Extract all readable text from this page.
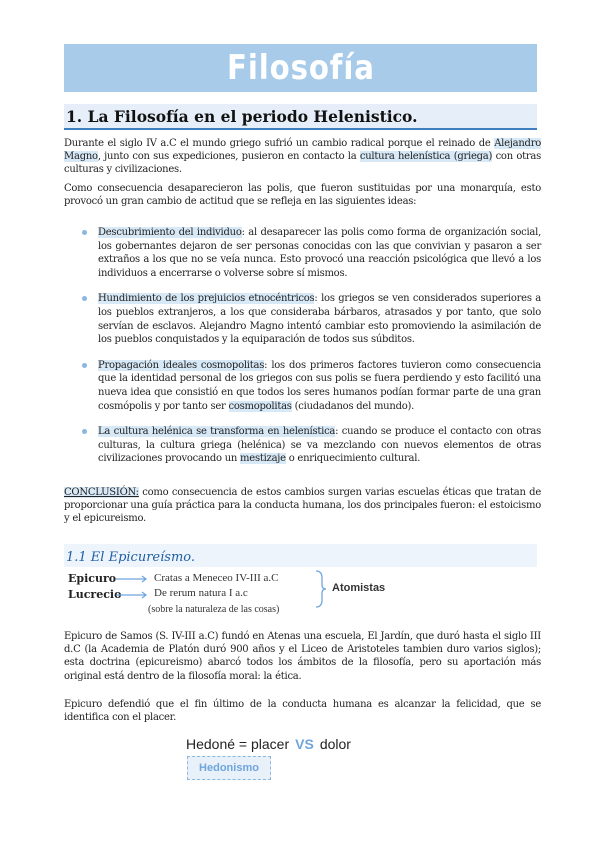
Filosofía
1. La Filosofía en el periodo Helenistico.

Durante el siglo IV a.C el mundo griego sufrió un cambio radical porque el reinado de Alejandro Magno, junto con sus expediciones, pusieron en contacto la cultura helenística (griega) con otras culturas y civilizaciones.

Como consecuencia desaparecieron las polis, que fueron sustituidas por una monarquía, esto provocó un gran cambio de actitud que se refleja en las siguientes ideas:

Descubrimiento del individuo: al desaparecer las polis como forma de organización social, los gobernantes dejaron de ser personas conocidas con las que convivian y pasaron a ser extraños a los que no se veía nunca. Esto provocó una reacción psicológica que llevó a los individuos a encerrarse o volverse sobre sí mismos.
Hundimiento de los prejuicios etnocéntricos: los griegos se ven considerados superiores a los pueblos extranjeros, a los que consideraba bárbaros, atrasados y por tanto, que solo servían de esclavos. Alejandro Magno intentó cambiar esto promoviendo la asimilación de los pueblos conquistados y la equiparación de todos sus súbditos.
Propagación ideales cosmopolitas: los dos primeros factores tuvieron como consecuencia que la identidad personal de los griegos con sus polis se fuera perdiendo y esto facilitó una nueva idea que consistió en que todos los seres humanos podían formar parte de una gran cosmópolis y por tanto ser cosmopolitas (ciudadanos del mundo).
La cultura helénica se transforma en helenística: cuando se produce el contacto con otras culturas, la cultura griega (helénica) se va mezclando con nuevos elementos de otras civilizaciones provocando un mestizaje o enriquecimiento cultural.

CONCLUSIÓN: como consecuencia de estos cambios surgen varias escuelas éticas que tratan de proporcionar una guía práctica para la conducta humana, los dos principales fueron: el estoicismo y el epicureismo.

1.1 El Epicureísmo.
Epicuro
Lucrecio
Cratas a Meneceo IV-III a.C
De rerum natura I a.c
(sobre la naturaleza de las cosas)
Atomistas

Epicuro de Samos (S. IV-III a.C) fundó en Atenas una escuela, El Jardín, que duró hasta el siglo III d.C (la Academia de Platón duró 900 años y el Liceo de Aristoteles tambien duro varios siglos); esta doctrina (epicureismo) abarcó todos los ámbitos de la filosofía, pero su aportación más original está dentro de la filosofía moral: la ética.

Epicuro defendió que el fin último de la conducta humana es alcanzar la felicidad, que se identifica con el placer.

Hedoné = placer VS dolor
Hedonismo
